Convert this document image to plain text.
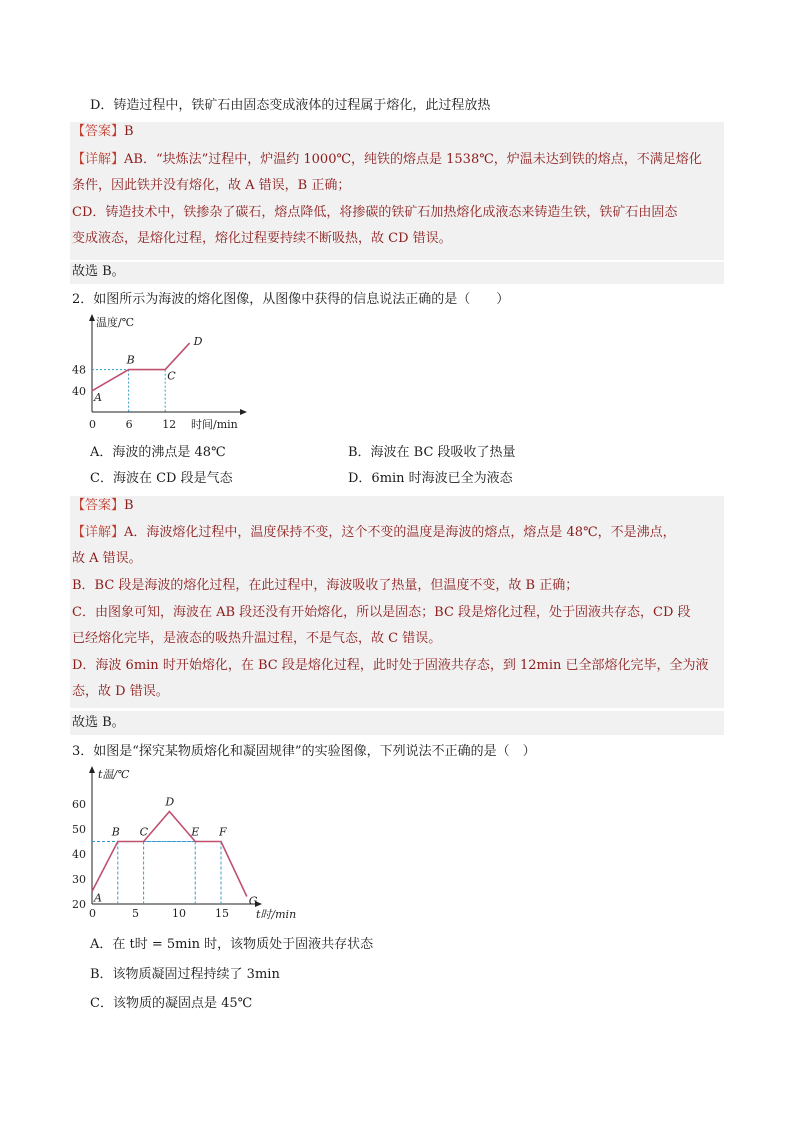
D．铸造过程中，铁矿石由固态变成液体的过程属于熔化，此过程放热
【答案】B
【详解】AB．“块炼法”过程中，炉温约 1000℃，纯铁的熔点是 1538℃，炉温未达到铁的熔点，不满足熔化
条件，因此铁并没有熔化，故 A 错误，B 正确；
CD．铸造技术中，铁掺杂了碳石，熔点降低，将掺碳的铁矿石加热熔化成液态来铸造生铁，铁矿石由固态
变成液态，是熔化过程，熔化过程要持续不断吸热，故 CD 错误。
故选 B。
2．如图所示为海波的熔化图像，从图像中获得的信息说法正确的是（　　）
温度/℃
时间/min
0	6	12
40
48
A
B
C
D
A．海波的沸点是 48℃	B．海波在 BC 段吸收了热量
C．海波在 CD 段是气态	D．6min 时海波已全为液态
【答案】B
【详解】A．海波熔化过程中，温度保持不变，这个不变的温度是海波的熔点，熔点是 48℃，不是沸点，
故 A 错误。
B．BC 段是海波的熔化过程，在此过程中，海波吸收了热量，但温度不变，故 B 正确；
C．由图象可知，海波在 AB 段还没有开始熔化，所以是固态；BC 段是熔化过程，处于固液共存态，CD 段
已经熔化完毕，是液态的吸热升温过程，不是气态，故 C 错误。
D．海波 6min 时开始熔化，在 BC 段是熔化过程，此时处于固液共存态，到 12min 已全部熔化完毕，全为液
态，故 D 错误。
故选 B。
3．如图是“探究某物质熔化和凝固规律”的实验图像，下列说法不正确的是（　）
t温/℃
t时/min
0	5	10	15
20
30
40
50
60
A
B C
D
E F
G
A．在 t时 = 5min 时，该物质处于固液共存状态
B．该物质凝固过程持续了 3min
C．该物质的凝固点是 45℃
